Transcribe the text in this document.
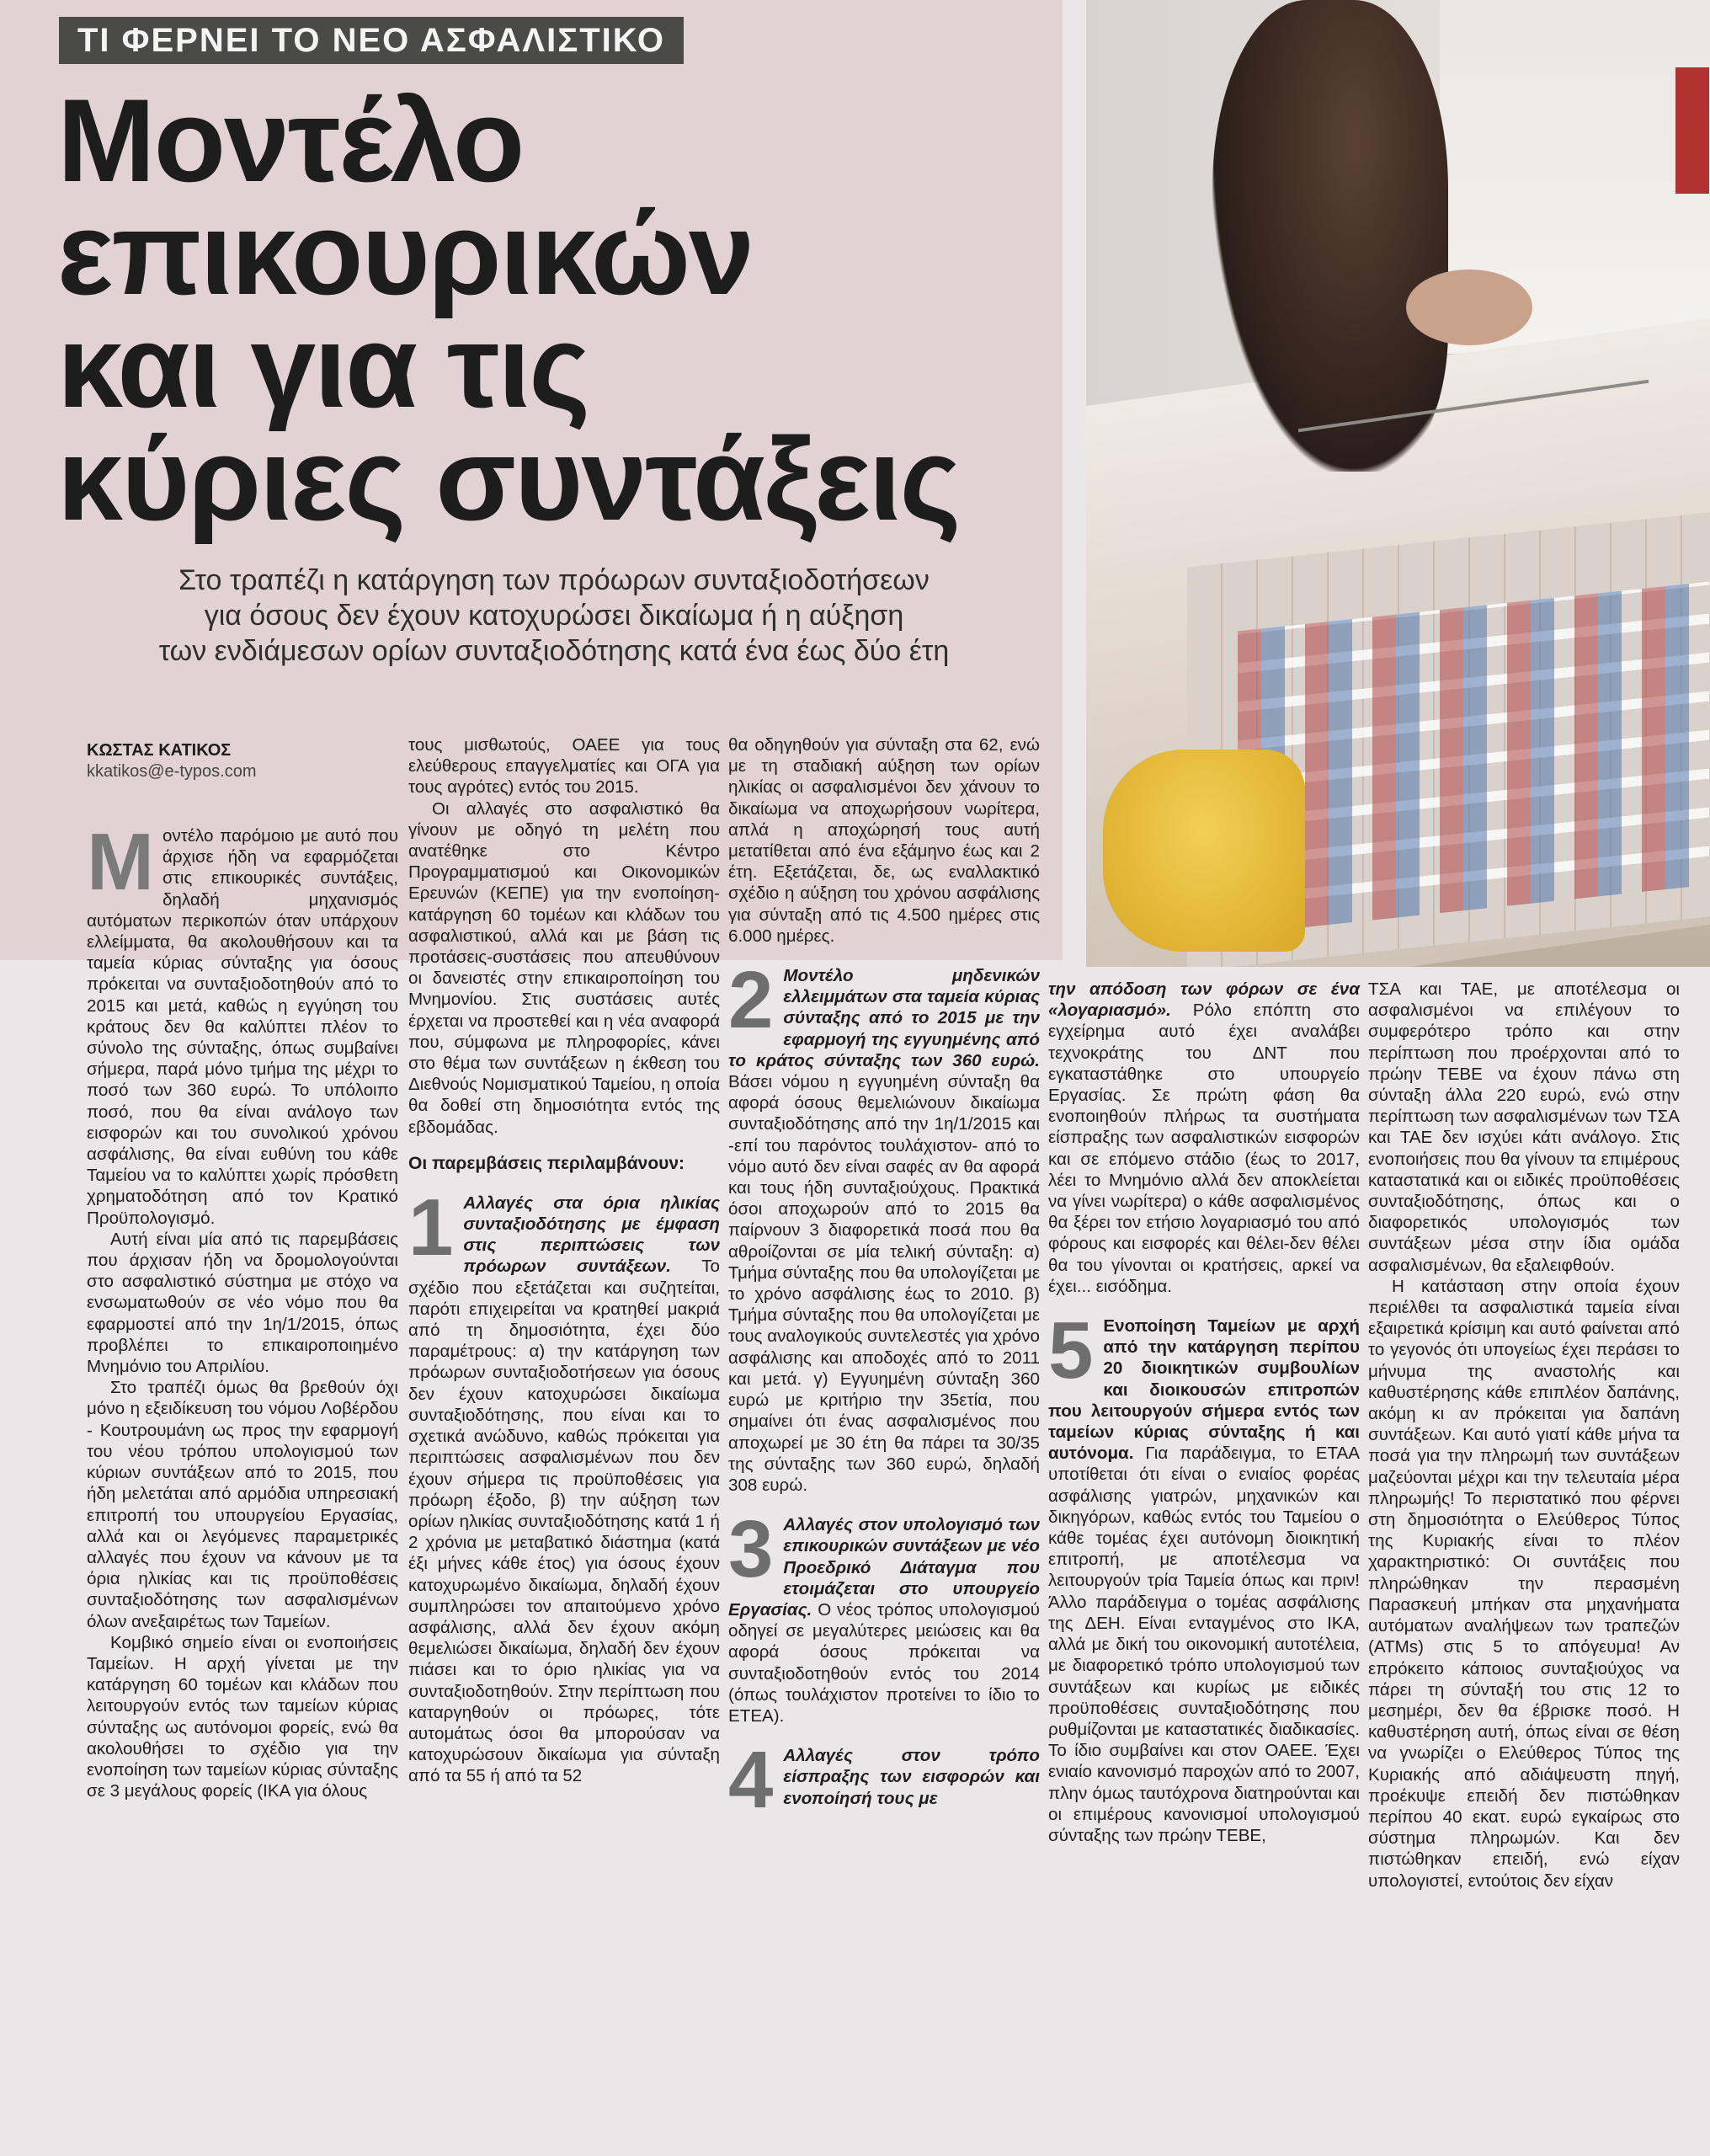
ΤΙ ΦΕΡΝΕΙ ΤΟ ΝΕΟ ΑΣΦΑΛΙΣΤΙΚΟ
Μοντέλο
επικουρικών
και για τις
κύριες συντάξεις
Στο τραπέζι η κατάργηση των πρόωρων συνταξιοδοτήσεων
για όσους δεν έχουν κατοχυρώσει δικαίωμα ή η αύξηση
των ενδιάμεσων ορίων συνταξιοδότησης κατά ένα έως δύο έτη
ΚΩΣΤΑΣ ΚΑΤΙΚΟΣ
kkatikos@e-typos.com

Μοντέλο παρόμοιο με αυτό που άρχισε ήδη να εφαρμόζεται στις επικουρικές συντάξεις, δηλαδή μηχανισμός αυτόματων περικοπών όταν υπάρχουν ελλείμματα, θα ακολουθήσουν και τα ταμεία κύριας σύνταξης για όσους πρόκειται να συνταξιοδοτηθούν από το 2015 και μετά, καθώς η εγγύηση του κράτους δεν θα καλύπτει πλέον το σύνολο της σύνταξης, όπως συμβαίνει σήμερα, παρά μόνο τμήμα της μέχρι το ποσό των 360 ευρώ. Το υπόλοιπο ποσό, που θα είναι ανάλογο των εισφορών και του συνολικού χρόνου ασφάλισης, θα είναι ευθύνη του κάθε Ταμείου να το καλύπτει χωρίς πρόσθετη χρηματοδότηση από τον Κρατικό Προϋπολογισμό.

Αυτή είναι μία από τις παρεμβάσεις που άρχισαν ήδη να δρομολογούνται στο ασφαλιστικό σύστημα με στόχο να ενσωματωθούν σε νέο νόμο που θα εφαρμοστεί από την 1η/1/2015, όπως προβλέπει το επικαιροποιημένο Μνημόνιο του Απριλίου.

Στο τραπέζι όμως θα βρεθούν όχι μόνο η εξειδίκευση του νόμου Λοβέρδου - Κουτρουμάνη ως προς την εφαρμογή του νέου τρόπου υπολογισμού των κύριων συντάξεων από το 2015, που ήδη μελετάται από αρμόδια υπηρεσιακή επιτροπή του υπουργείου Εργασίας, αλλά και οι λεγόμενες παραμετρικές αλλαγές που έχουν να κάνουν με τα όρια ηλικίας και τις προϋποθέσεις συνταξιοδότησης των ασφαλισμένων όλων ανεξαιρέτως των Ταμείων.

Κομβικό σημείο είναι οι ενοποιήσεις Ταμείων. Η αρχή γίνεται με την κατάργηση 60 τομέων και κλάδων που λειτουργούν εντός των ταμείων κύριας σύνταξης ως αυτόνομοι φορείς, ενώ θα ακολουθήσει το σχέδιο για την ενοποίηση των ταμείων κύριας σύνταξης σε 3 μεγάλους φορείς (ΙΚΑ για όλους

τους μισθωτούς, ΟΑΕΕ για τους ελεύθερους επαγγελματίες και ΟΓΑ για τους αγρότες) εντός του 2015.

Οι αλλαγές στο ασφαλιστικό θα γίνουν με οδηγό τη μελέτη που ανατέθηκε στο Κέντρο Προγραμματισμού και Οικονομικών Ερευνών (ΚΕΠΕ) για την ενοποίηση-κατάργηση 60 τομέων και κλάδων του ασφαλιστικού, αλλά και με βάση τις προτάσεις-συστάσεις που απευθύνουν οι δανειστές στην επικαιροποίηση του Μνημονίου. Στις συστάσεις αυτές έρχεται να προστεθεί και η νέα αναφορά που, σύμφωνα με πληροφορίες, κάνει στο θέμα των συντάξεων η έκθεση του Διεθνούς Νομισματικού Ταμείου, η οποία θα δοθεί στη δημοσιότητα εντός της εβδομάδας.

Οι παρεμβάσεις περιλαμβάνουν:

1 Αλλαγές στα όρια ηλικίας συνταξιοδότησης με έμφαση στις περιπτώσεις των πρόωρων συντάξεων. Το σχέδιο που εξετάζεται και συζητείται, παρότι επιχειρείται να κρατηθεί μακριά από τη δημοσιότητα, έχει δύο παραμέτρους: α) την κατάργηση των πρόωρων συνταξιοδοτήσεων για όσους δεν έχουν κατοχυρώσει δικαίωμα συνταξιοδότησης, που είναι και το σχετικά ανώδυνο, καθώς πρόκειται για περιπτώσεις ασφαλισμένων που δεν έχουν σήμερα τις προϋποθέσεις για πρόωρη έξοδο, β) την αύξηση των ορίων ηλικίας συνταξιοδότησης κατά 1 ή 2 χρόνια με μεταβατικό διάστημα (κατά έξι μήνες κάθε έτος) για όσους έχουν κατοχυρωμένο δικαίωμα, δηλαδή έχουν συμπληρώσει τον απαιτούμενο χρόνο ασφάλισης, αλλά δεν έχουν ακόμη θεμελιώσει δικαίωμα, δηλαδή δεν έχουν πιάσει και το όριο ηλικίας για να συνταξιοδοτηθούν. Στην περίπτωση που καταργηθούν οι πρόωρες, τότε αυτομάτως όσοι θα μπορούσαν να κατοχυρώσουν δικαίωμα για σύνταξη από τα 55 ή από τα 52

θα οδηγηθούν για σύνταξη στα 62, ενώ με τη σταδιακή αύξηση των ορίων ηλικίας οι ασφαλισμένοι δεν χάνουν το δικαίωμα να αποχωρήσουν νωρίτερα, απλά η αποχώρησή τους αυτή μετατίθεται από ένα εξάμηνο έως και 2 έτη. Εξετάζεται, δε, ως εναλλακτικό σχέδιο η αύξηση του χρόνου ασφάλισης για σύνταξη από τις 4.500 ημέρες στις 6.000 ημέρες.

2 Μοντέλο μηδενικών ελλειμμάτων στα ταμεία κύριας σύνταξης από το 2015 με την εφαρμογή της εγγυημένης από το κράτος σύνταξης των 360 ευρώ. Βάσει νόμου η εγγυημένη σύνταξη θα αφορά όσους θεμελιώνουν δικαίωμα συνταξιοδότησης από την 1η/1/2015 και -επί του παρόντος τουλάχιστον- από το νόμο αυτό δεν είναι σαφές αν θα αφορά και τους ήδη συνταξιούχους. Πρακτικά όσοι αποχωρούν από το 2015 θα παίρνουν 3 διαφορετικά ποσά που θα αθροίζονται σε μία τελική σύνταξη: α) Τμήμα σύνταξης που θα υπολογίζεται με το χρόνο ασφάλισης έως το 2010. β) Τμήμα σύνταξης που θα υπολογίζεται με τους αναλογικούς συντελεστές για χρόνο ασφάλισης και αποδοχές από το 2011 και μετά. γ) Εγγυημένη σύνταξη 360 ευρώ με κριτήριο την 35ετία, που σημαίνει ότι ένας ασφαλισμένος που αποχωρεί με 30 έτη θα πάρει τα 30/35 της σύνταξης των 360 ευρώ, δηλαδή 308 ευρώ.

3 Αλλαγές στον υπολογισμό των επικουρικών συντάξεων με νέο Προεδρικό Διάταγμα που ετοιμάζεται στο υπουργείο Εργασίας. Ο νέος τρόπος υπολογισμού οδηγεί σε μεγαλύτερες μειώσεις και θα αφορά όσους πρόκειται να συνταξιοδοτηθούν εντός του 2014 (όπως τουλάχιστον προτείνει το ίδιο το ΕΤΕΑ).

4 Αλλαγές στον τρόπο είσπραξης των εισφορών και ενοποίησή τους με

την απόδοση των φόρων σε ένα «λογαριασμό». Ρόλο επόπτη στο εγχείρημα αυτό έχει αναλάβει τεχνοκράτης του ΔΝΤ που εγκαταστάθηκε στο υπουργείο Εργασίας. Σε πρώτη φάση θα ενοποιηθούν πλήρως τα συστήματα είσπραξης των ασφαλιστικών εισφορών και σε επόμενο στάδιο (έως το 2017, λέει το Μνημόνιο αλλά δεν αποκλείεται να γίνει νωρίτερα) ο κάθε ασφαλισμένος θα ξέρει τον ετήσιο λογαριασμό του από φόρους και εισφορές και θέλει-δεν θέλει θα του γίνονται οι κρατήσεις, αρκεί να έχει... εισόδημα.

5 Ενοποίηση Ταμείων με αρχή από την κατάργηση περίπου 20 διοικητικών συμβουλίων και διοικουσών επιτροπών που λειτουργούν σήμερα εντός των ταμείων κύριας σύνταξης ή και αυτόνομα. Για παράδειγμα, το ΕΤΑΑ υποτίθεται ότι είναι ο ενιαίος φορέας ασφάλισης γιατρών, μηχανικών και δικηγόρων, καθώς εντός του Ταμείου ο κάθε τομέας έχει αυτόνομη διοικητική επιτροπή, με αποτέλεσμα να λειτουργούν τρία Ταμεία όπως και πριν! Άλλο παράδειγμα ο τομέας ασφάλισης της ΔΕΗ. Είναι ενταγμένος στο ΙΚΑ, αλλά με δική του οικονομική αυτοτέλεια, με διαφορετικό τρόπο υπολογισμού των συντάξεων και κυρίως με ειδικές προϋποθέσεις συνταξιοδότησης που ρυθμίζονται με καταστατικές διαδικασίες. Το ίδιο συμβαίνει και στον ΟΑΕΕ. Έχει ενιαίο κανονισμό παροχών από το 2007, πλην όμως ταυτόχρονα διατηρούνται και οι επιμέρους κανονισμοί υπολογισμού σύνταξης των πρώην ΤΕΒΕ,

ΤΣΑ και ΤΑΕ, με αποτέλεσμα οι ασφαλισμένοι να επιλέγουν το συμφερότερο τρόπο και στην περίπτωση που προέρχονται από το πρώην ΤΕΒΕ να έχουν πάνω στη σύνταξη άλλα 220 ευρώ, ενώ στην περίπτωση των ασφαλισμένων των ΤΣΑ και ΤΑΕ δεν ισχύει κάτι ανάλογο. Στις ενοποιήσεις που θα γίνουν τα επιμέρους καταστατικά και οι ειδικές προϋποθέσεις συνταξιοδότησης, όπως και ο διαφορετικός υπολογισμός των συντάξεων μέσα στην ίδια ομάδα ασφαλισμένων, θα εξαλειφθούν.

Η κατάσταση στην οποία έχουν περιέλθει τα ασφαλιστικά ταμεία είναι εξαιρετικά κρίσιμη και αυτό φαίνεται από το γεγονός ότι υπογείως έχει περάσει το μήνυμα της αναστολής και καθυστέρησης κάθε επιπλέον δαπάνης, ακόμη κι αν πρόκειται για δαπάνη συντάξεων. Και αυτό γιατί κάθε μήνα τα ποσά για την πληρωμή των συντάξεων μαζεύονται μέχρι και την τελευταία μέρα πληρωμής! Το περιστατικό που φέρνει στη δημοσιότητα ο Ελεύθερος Τύπος της Κυριακής είναι το πλέον χαρακτηριστικό: Οι συντάξεις που πληρώθηκαν την περασμένη Παρασκευή μπήκαν στα μηχανήματα αυτόματων αναλήψεων των τραπεζών (ATMs) στις 5 το απόγευμα! Αν επρόκειτο κάποιος συνταξιούχος να πάρει τη σύνταξή του στις 12 το μεσημέρι, δεν θα έβρισκε ποσό. Η καθυστέρηση αυτή, όπως είναι σε θέση να γνωρίζει ο Ελεύθερος Τύπος της Κυριακής από αδιάψευστη πηγή, προέκυψε επειδή δεν πιστώθηκαν περίπου 40 εκατ. ευρώ εγκαίρως στο σύστημα πληρωμών. Και δεν πιστώθηκαν επειδή, ενώ είχαν υπολογιστεί, εντούτοις δεν είχαν
